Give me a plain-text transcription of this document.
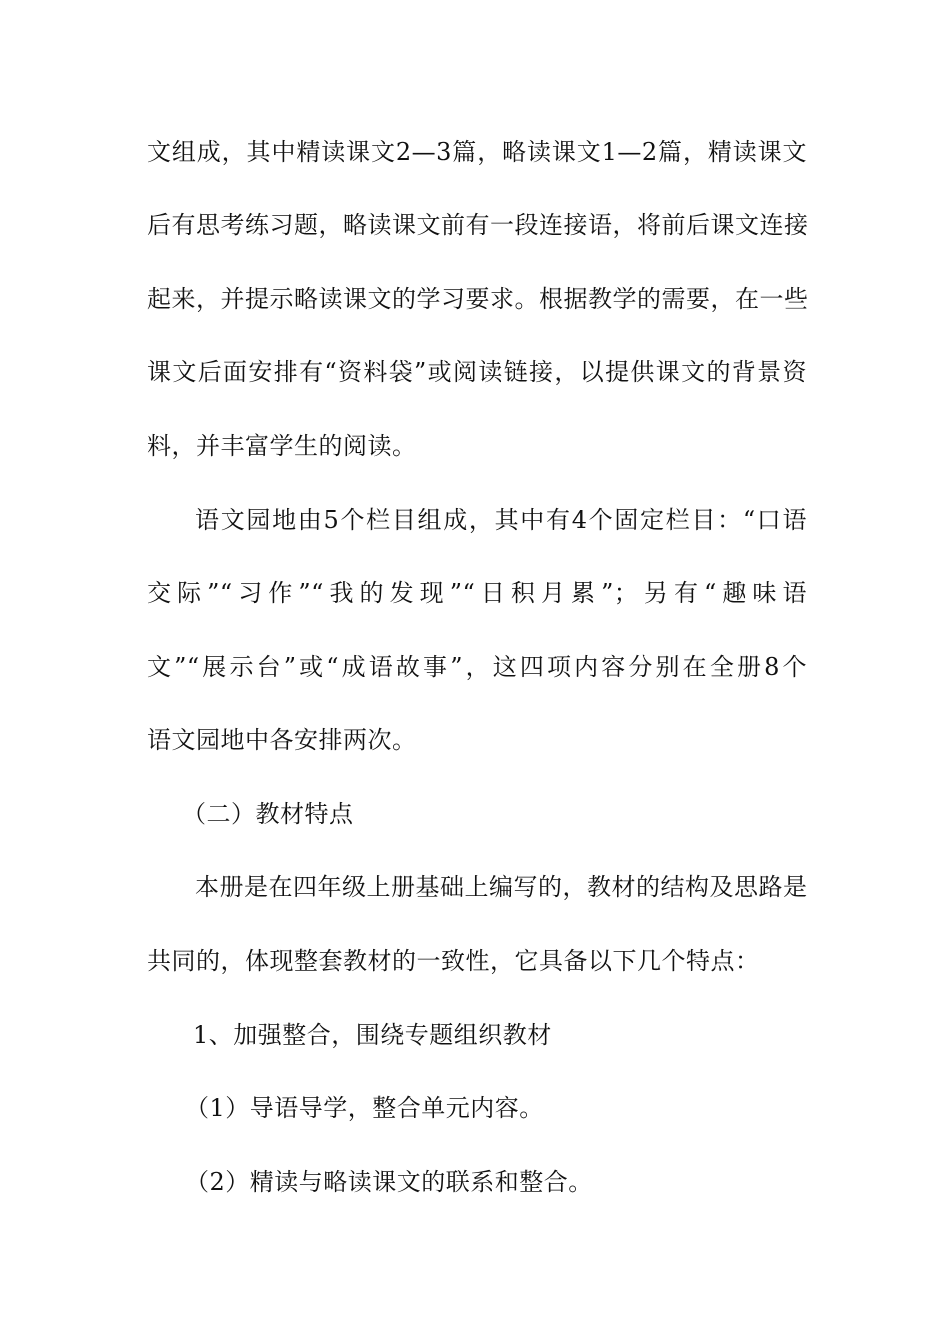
文组成，其中精读课文2—3篇，略读课文1—2篇，精读课文
后有思考练习题，略读课文前有一段连接语，将前后课文连接
起来，并提示略读课文的学习要求。根据教学的需要，在一些
课文后面安排有“资料袋”或阅读链接，以提供课文的背景资
料，并丰富学生的阅读。
语文园地由5个栏目组成，其中有4个固定栏目：“口语
交际”“习作”“我的发现”“日积月累”；另有“趣味语
文”“展示台”或“成语故事”，这四项内容分别在全册8个
语文园地中各安排两次。
（二）教材特点
本册是在四年级上册基础上编写的，教材的结构及思路是
共同的，体现整套教材的一致性，它具备以下几个特点：
1、加强整合，围绕专题组织教材
（1）导语导学，整合单元内容。
（2）精读与略读课文的联系和整合。
